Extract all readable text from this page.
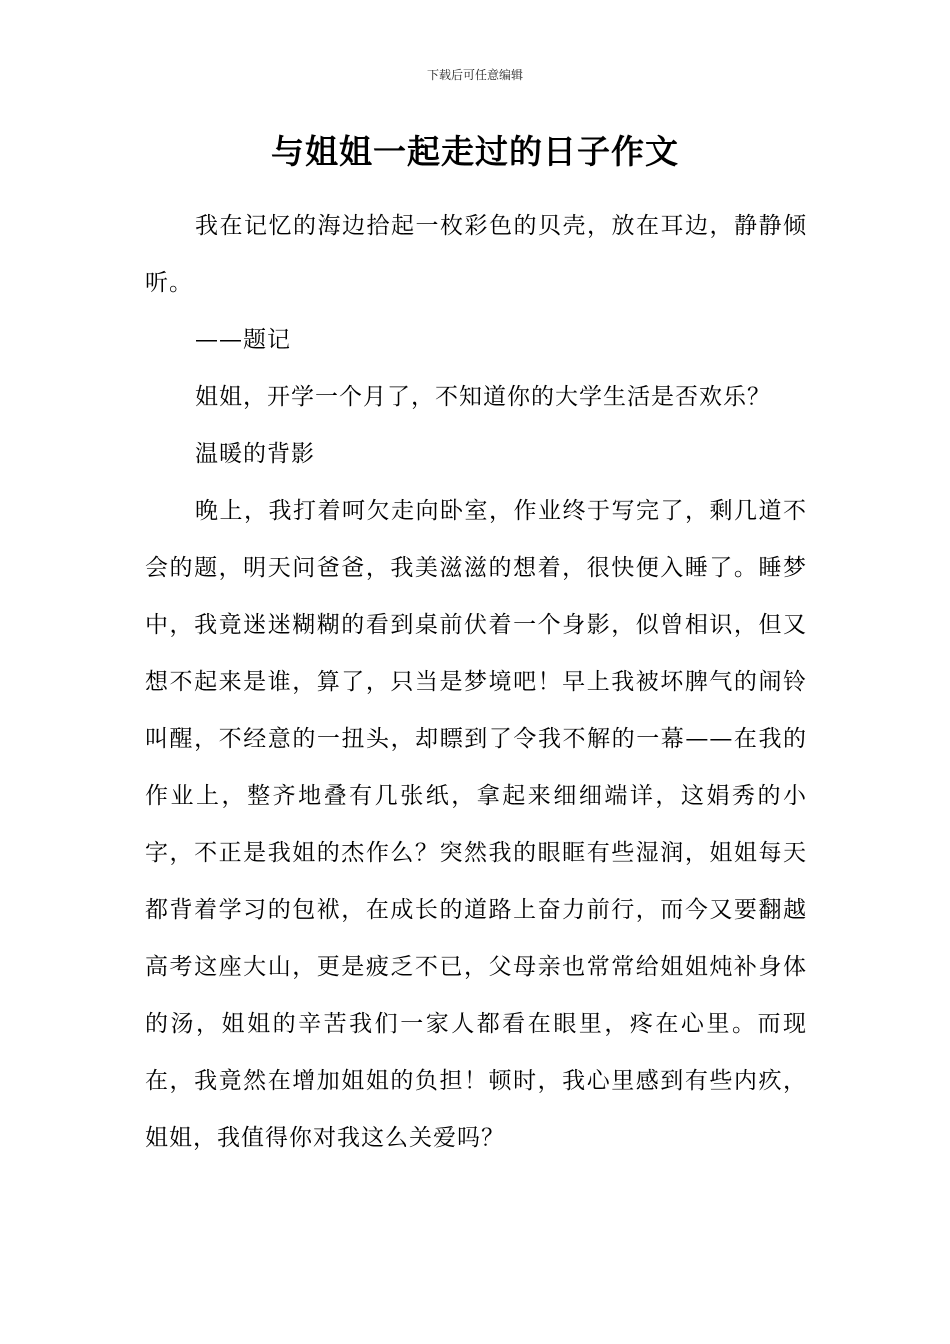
下载后可任意编辑
与姐姐一起走过的日子作文

我在记忆的海边拾起一枚彩色的贝壳，放在耳边，静静倾听。

——题记

姐姐，开学一个月了，不知道你的大学生活是否欢乐？

温暖的背影

晚上，我打着呵欠走向卧室，作业终于写完了，剩几道不会的题，明天问爸爸，我美滋滋的想着，很快便入睡了。睡梦中，我竟迷迷糊糊的看到桌前伏着一个身影，似曾相识，但又想不起来是谁，算了，只当是梦境吧！早上我被坏脾气的闹铃叫醒，不经意的一扭头，却瞟到了令我不解的一幕——在我的作业上，整齐地叠有几张纸，拿起来细细端详，这娟秀的小字，不正是我姐的杰作么？突然我的眼眶有些湿润，姐姐每天都背着学习的包袱，在成长的道路上奋力前行，而今又要翻越高考这座大山，更是疲乏不已，父母亲也常常给姐姐炖补身体的汤，姐姐的辛苦我们一家人都看在眼里，疼在心里。而现在，我竟然在增加姐姐的负担！顿时，我心里感到有些内疚，姐姐，我值得你对我这么关爱吗？
